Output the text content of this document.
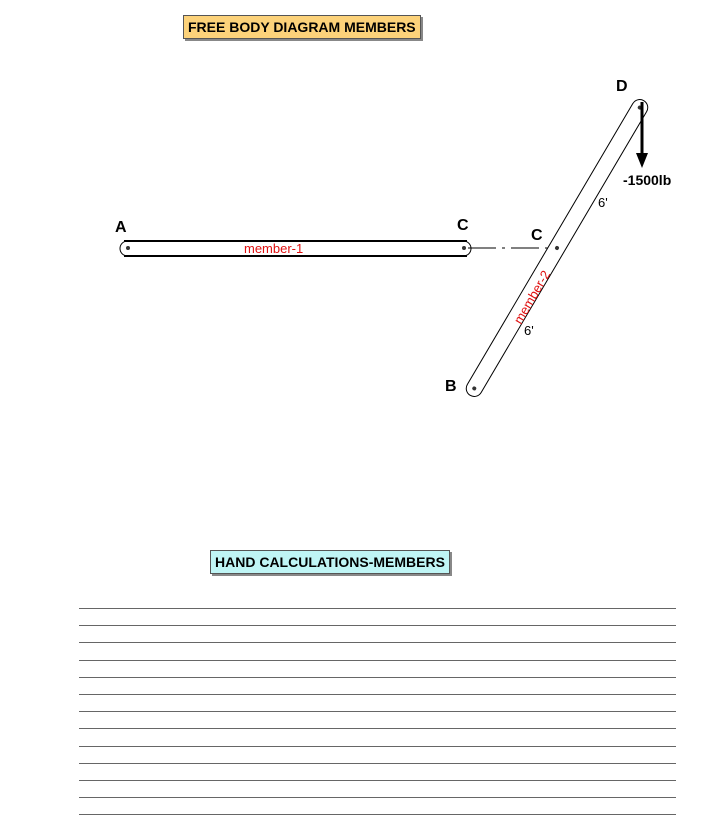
FREE BODY DIAGRAM MEMBERS
member-1
A	C
member-2
D
B
C
6'
6'
-1500lb
HAND CALCULATIONS-MEMBERS
